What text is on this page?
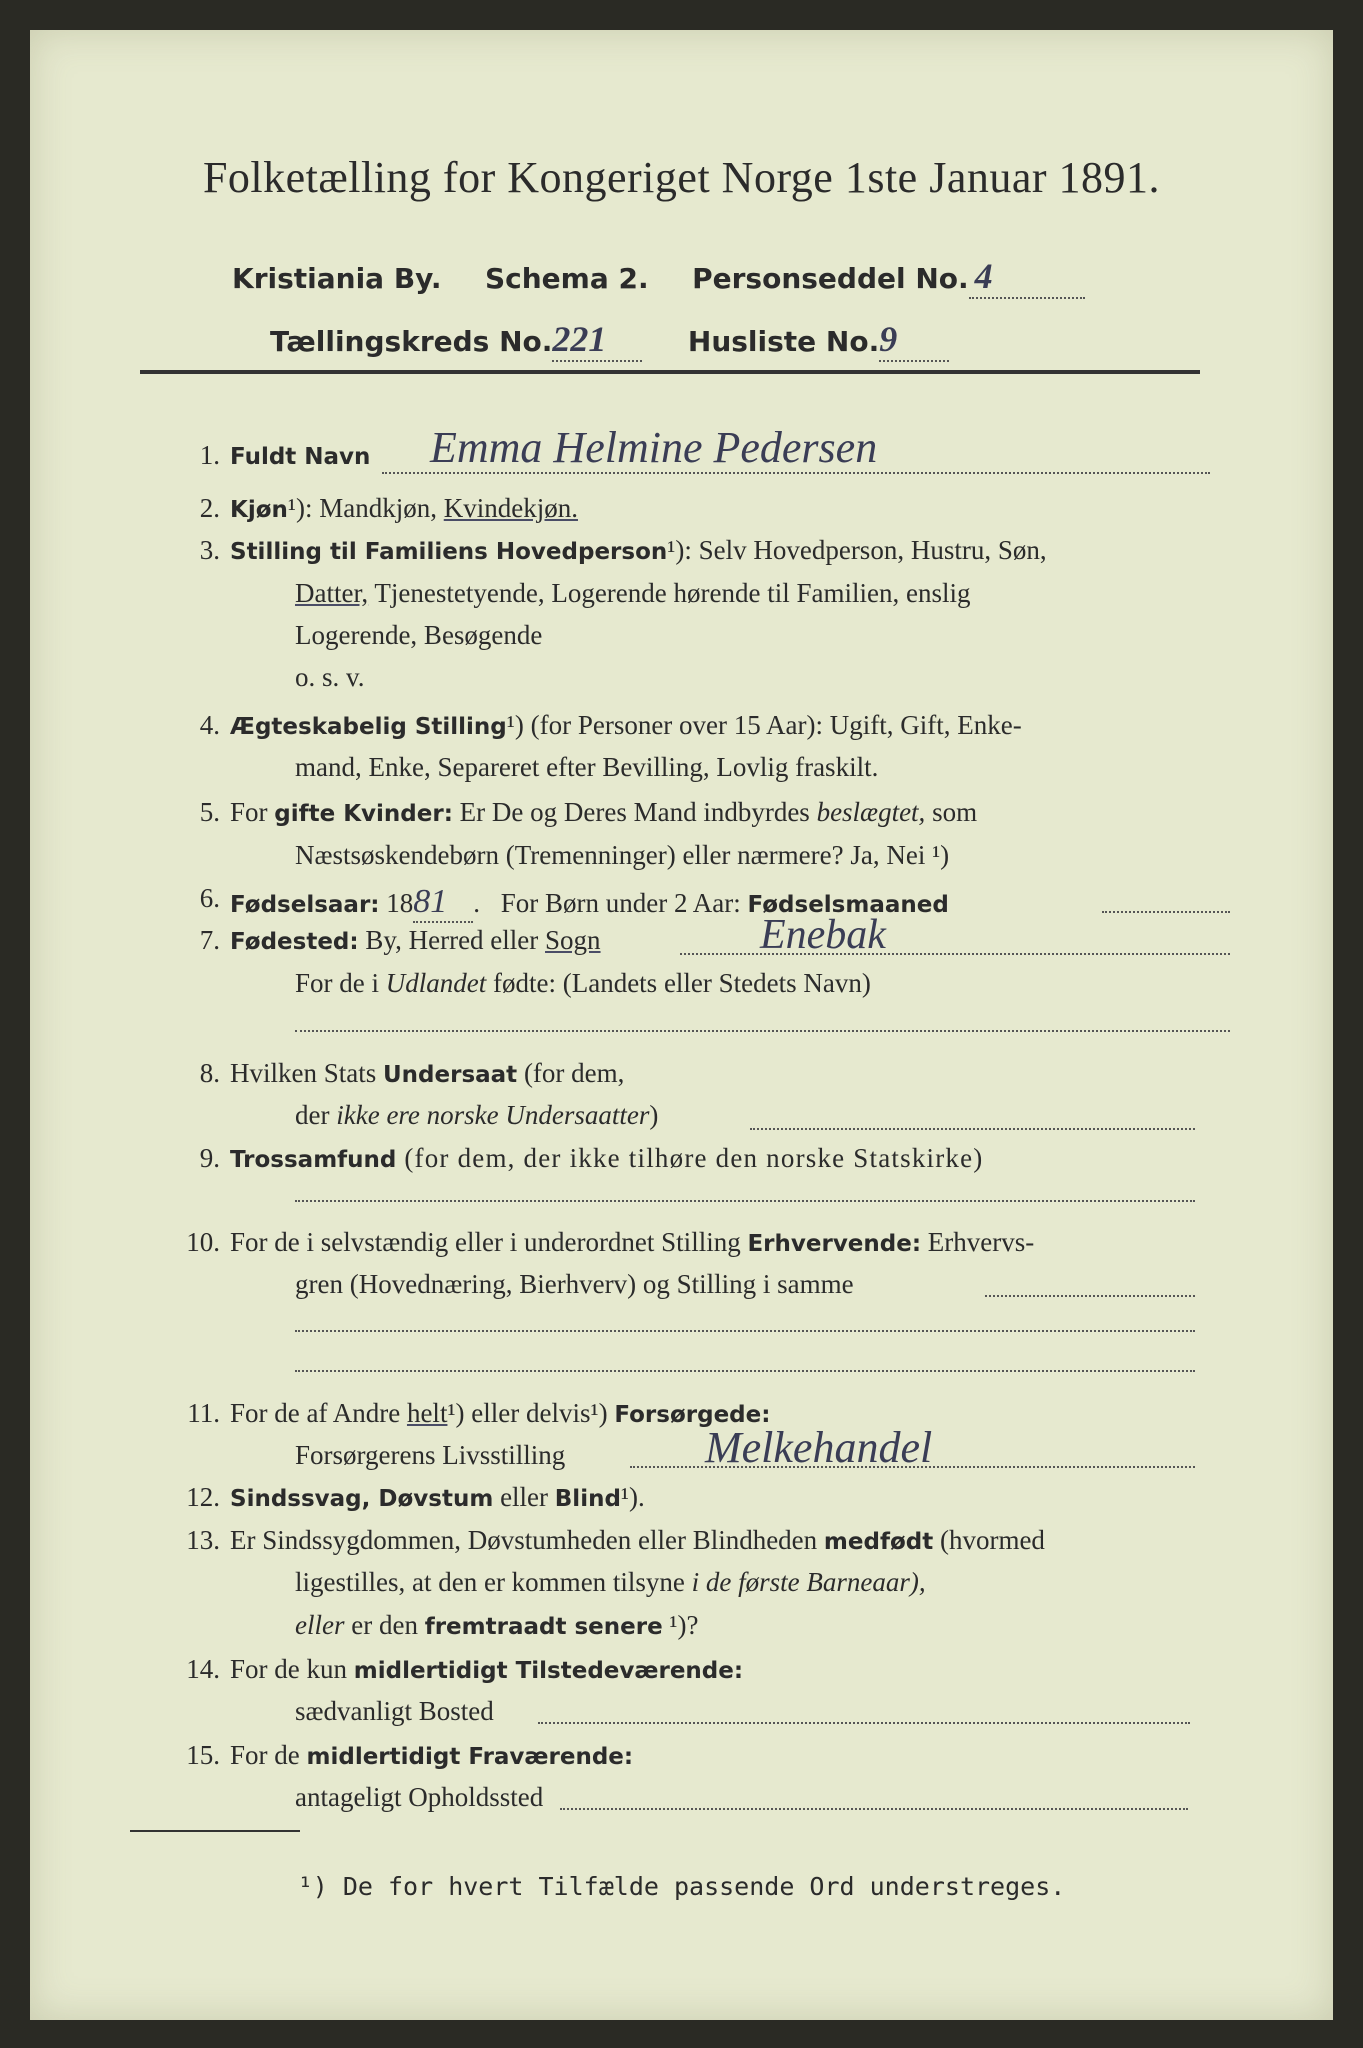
Folketælling for Kongeriget Norge 1ste Januar 1891.
Kristiania By. Schema 2. Personseddel No. 4
Tællingskreds No.221	Husliste No.9
1. Fuldt Navn Emma Helmine Pedersen
2. Kjøn¹): Mandkjøn, Kvindekjøn.
3. Stilling til Familiens Hovedperson¹): Selv Hovedperson, Hustru, Søn,
Datter, Tjenestetyende, Logerende hørende til Familien, enslig
Logerende, Besøgende
o. s. v.
4. Ægteskabelig Stilling¹) (for Personer over 15 Aar): Ugift, Gift, Enke-
mand, Enke, Separeret efter Bevilling, Lovlig fraskilt.
5. For gifte Kvinder: Er De og Deres Mand indbyrdes beslægtet, som
Næstsøskendebørn (Tremenninger) eller nærmere? Ja, Nei ¹)
6. Fødselsaar: 1881 . For Børn under 2 Aar: Fødselsmaaned
7. Fødested: By, Herred eller Sogn	Enebak
For de i Udlandet fødte: (Landets eller Stedets Navn)
8. Hvilken Stats Undersaat (for dem,
der ikke ere norske Undersaatter)
9. Trossamfund (for dem, der ikke tilhøre den norske Statskirke)
10. For de i selvstændig eller i underordnet Stilling Erhvervende: Erhvervs-
gren (Hovednæring, Bierhverv) og Stilling i samme
11. For de af Andre helt¹) eller delvis¹) Forsørgede:
Forsørgerens Livsstilling	Melkehandel
12. Sindssvag, Døvstum eller Blind¹).
13. Er Sindssygdommen, Døvstumheden eller Blindheden medfødt (hvormed
ligestilles, at den er kommen tilsyne i de første Barneaar),
eller er den fremtraadt senere ¹)?
14. For de kun midlertidigt Tilstedeværende:
sædvanligt Bosted
15. For de midlertidigt Fraværende:
antageligt Opholdssted
¹) De for hvert Tilfælde passende Ord understreges.
